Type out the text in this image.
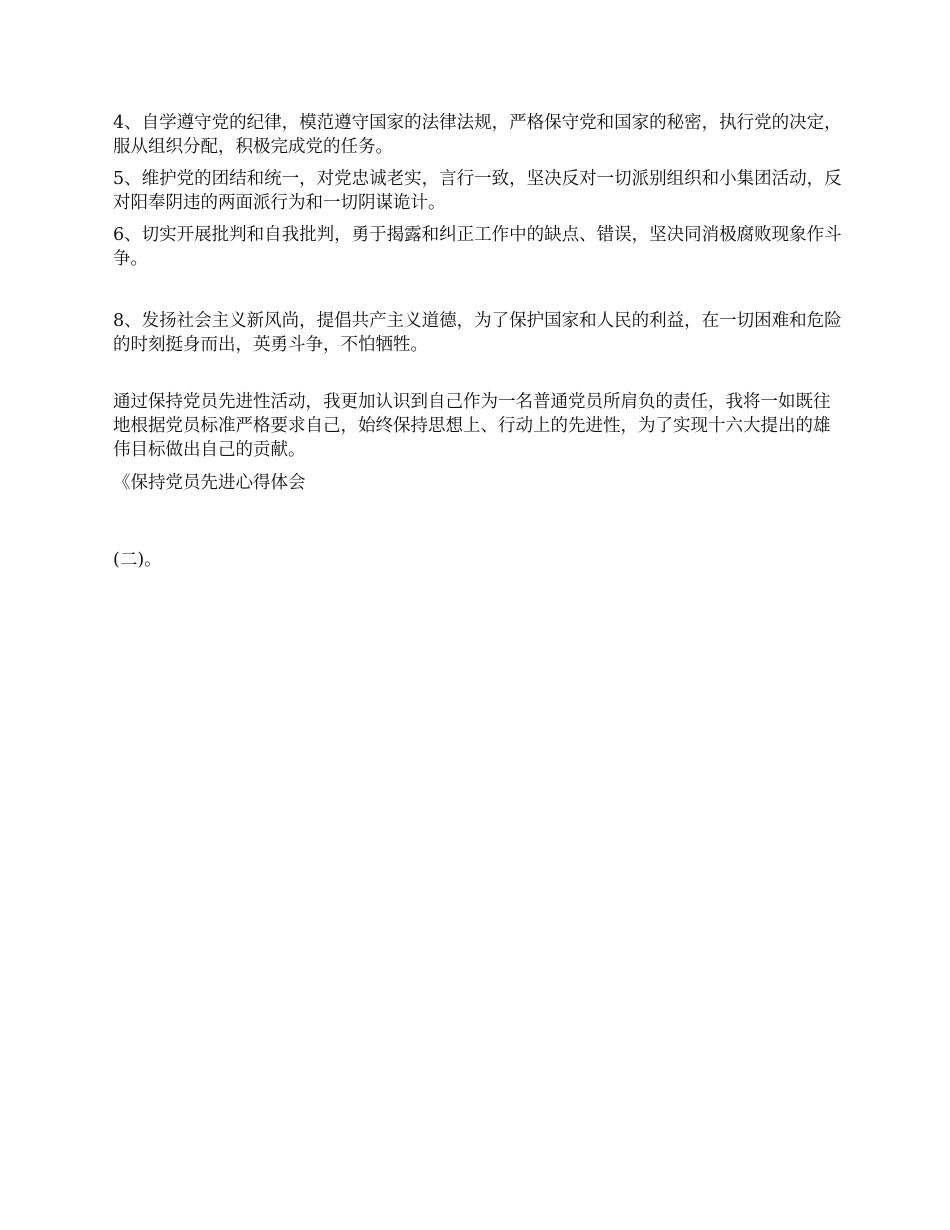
4、自学遵守党的纪律，模范遵守国家的法律法规，严格保守党和国家的秘密，执行党的决定，服从组织分配，积极完成党的任务。

5、维护党的团结和统一，对党忠诚老实，言行一致，坚决反对一切派别组织和小集团活动，反对阳奉阴违的两面派行为和一切阴谋诡计。

6、切实开展批判和自我批判，勇于揭露和纠正工作中的缺点、错误，坚决同消极腐败现象作斗争。

8、发扬社会主义新风尚，提倡共产主义道德，为了保护国家和人民的利益，在一切困难和危险的时刻挺身而出，英勇斗争，不怕牺牲。

通过保持党员先进性活动，我更加认识到自己作为一名普通党员所肩负的责任，我将一如既往地根据党员标准严格要求自己，始终保持思想上、行动上的先进性，为了实现十六大提出的雄伟目标做出自己的贡献。

《保持党员先进心得体会

(二)。
